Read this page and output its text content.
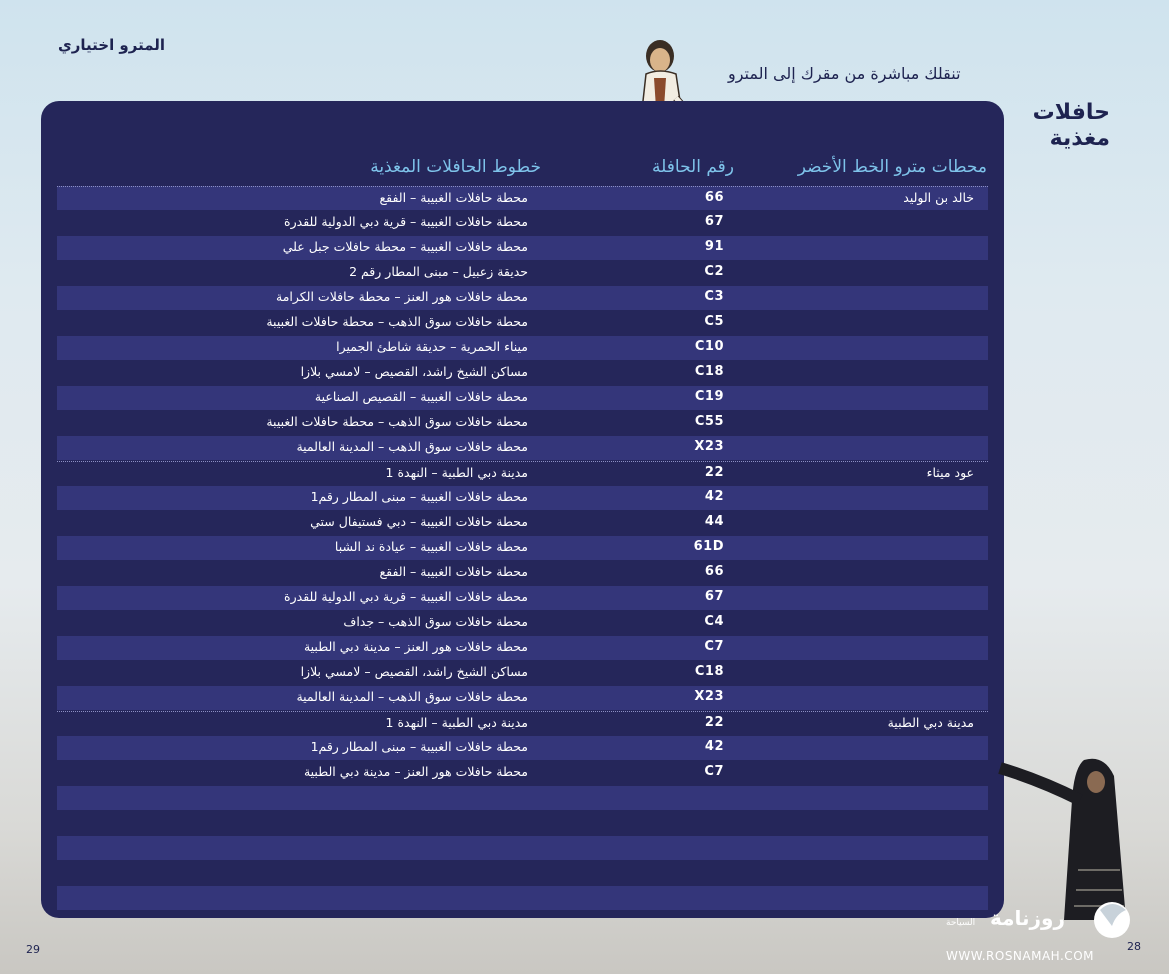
المترو اختياري
تنقلك مباشرة من مقرك إلى المترو
حافلات مغذية
محطات مترو الخط الأخضر
رقم الحافلة
خطوط الحافلات المغذية
خالد بن الوليد
66
محطة حافلات الغبيبة – الفقع
67
محطة حافلات الغبيبة – قرية دبي الدولية للقدرة
91
محطة حافلات الغبيبة – محطة حافلات جبل علي
C2
حديقة زعبيل – مبنى المطار رقم 2
C3
محطة حافلات هور العنز – محطة حافلات الكرامة
C5
محطة حافلات سوق الذهب – محطة حافلات الغبيبة
C10
ميناء الحمرية – حديقة شاطئ الجميرا
C18
مساكن الشيخ راشد، القصيص – لامسي بلازا
C19
محطة حافلات الغبيبة – القصيص الصناعية
C55
محطة حافلات سوق الذهب – محطة حافلات الغبيبة
X23
محطة حافلات سوق الذهب – المدينة العالمية
عود ميثاء
22
مدينة دبي الطبية – النهدة 1
42
محطة حافلات الغبيبة – مبنى المطار رقم1
44
محطة حافلات الغبيبة – دبي فستيفال ستي
61D
محطة حافلات الغبيبة – عيادة ند الشبا
66
محطة حافلات الغبيبة – الفقع
67
محطة حافلات الغبيبة – قرية دبي الدولية للقدرة
C4
محطة حافلات سوق الذهب – جداف
C7
محطة حافلات هور العنز – مدينة دبي الطبية
C18
مساكن الشيخ راشد، القصيص – لامسي بلازا
X23
محطة حافلات سوق الذهب – المدينة العالمية
مدينة دبي الطبية
22
مدينة دبي الطبية – النهدة 1
42
محطة حافلات الغبيبة – مبنى المطار رقم1
C7
محطة حافلات هور العنز – مدينة دبي الطبية
روزنامة
السياحة
WWW.ROSNAMAH.COM
29	28
